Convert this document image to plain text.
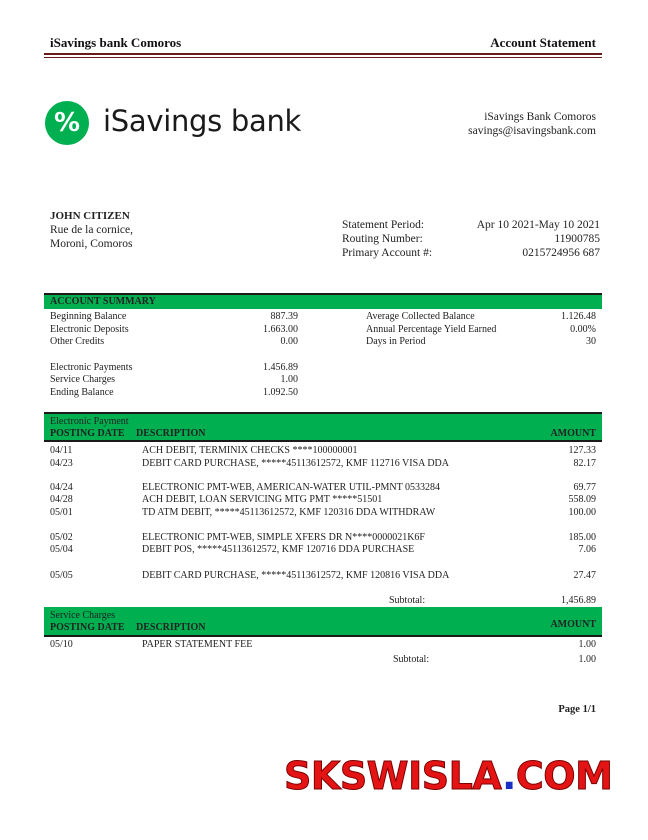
iSavings bank Comoros	Account Statement
% iSavings bank	iSavings Bank Comoros
savings@isavingsbank.com
JOHN CITIZEN
Rue de la cornice,
Moroni, Comoros
Statement Period:	Apr 10 2021-May 10 2021
Routing Number:	11900785
Primary Account #:	0215724956 687
ACCOUNT SUMMARY
Beginning Balance	887.39
Electronic Deposits	1.663.00
Other Credits	0.00
Electronic Payments	1.456.89
Service Charges	1.00
Ending Balance	1.092.50
Average Collected Balance	1.126.48
Annual Percentage Yield Earned	0.00%
Days in Period	30
Electronic Payment
POSTING DATE DESCRIPTION	AMOUNT
04/11	ACH DEBIT, TERMINIX CHECKS ****100000001	127.33
04/23	DEBIT CARD PURCHASE, *****45113612572, KMF 112716 VISA DDA	82.17
04/24	ELECTRONIC PMT-WEB, AMERICAN-WATER UTIL-PMNT 0533284	69.77
04/28	ACH DEBIT, LOAN SERVICING MTG PMT *****51501	558.09
05/01	TD ATM DEBIT, *****45113612572, KMF 120316 DDA WITHDRAW	100.00
05/02	ELECTRONIC PMT-WEB, SIMPLE XFERS DR N****0000021K6F	185.00
05/04	DEBIT POS, *****45113612572, KMF 120716 DDA PURCHASE	7.06
05/05	DEBIT CARD PURCHASE, *****45113612572, KMF 120816 VISA DDA	27.47
Subtotal:	1,456.89
Service Charges
POSTING DATE DESCRIPTION	AMOUNT
05/10	PAPER STATEMENT FEE	1.00
Subtotal:	1.00
Page 1/1
SKSWISLA.COM
